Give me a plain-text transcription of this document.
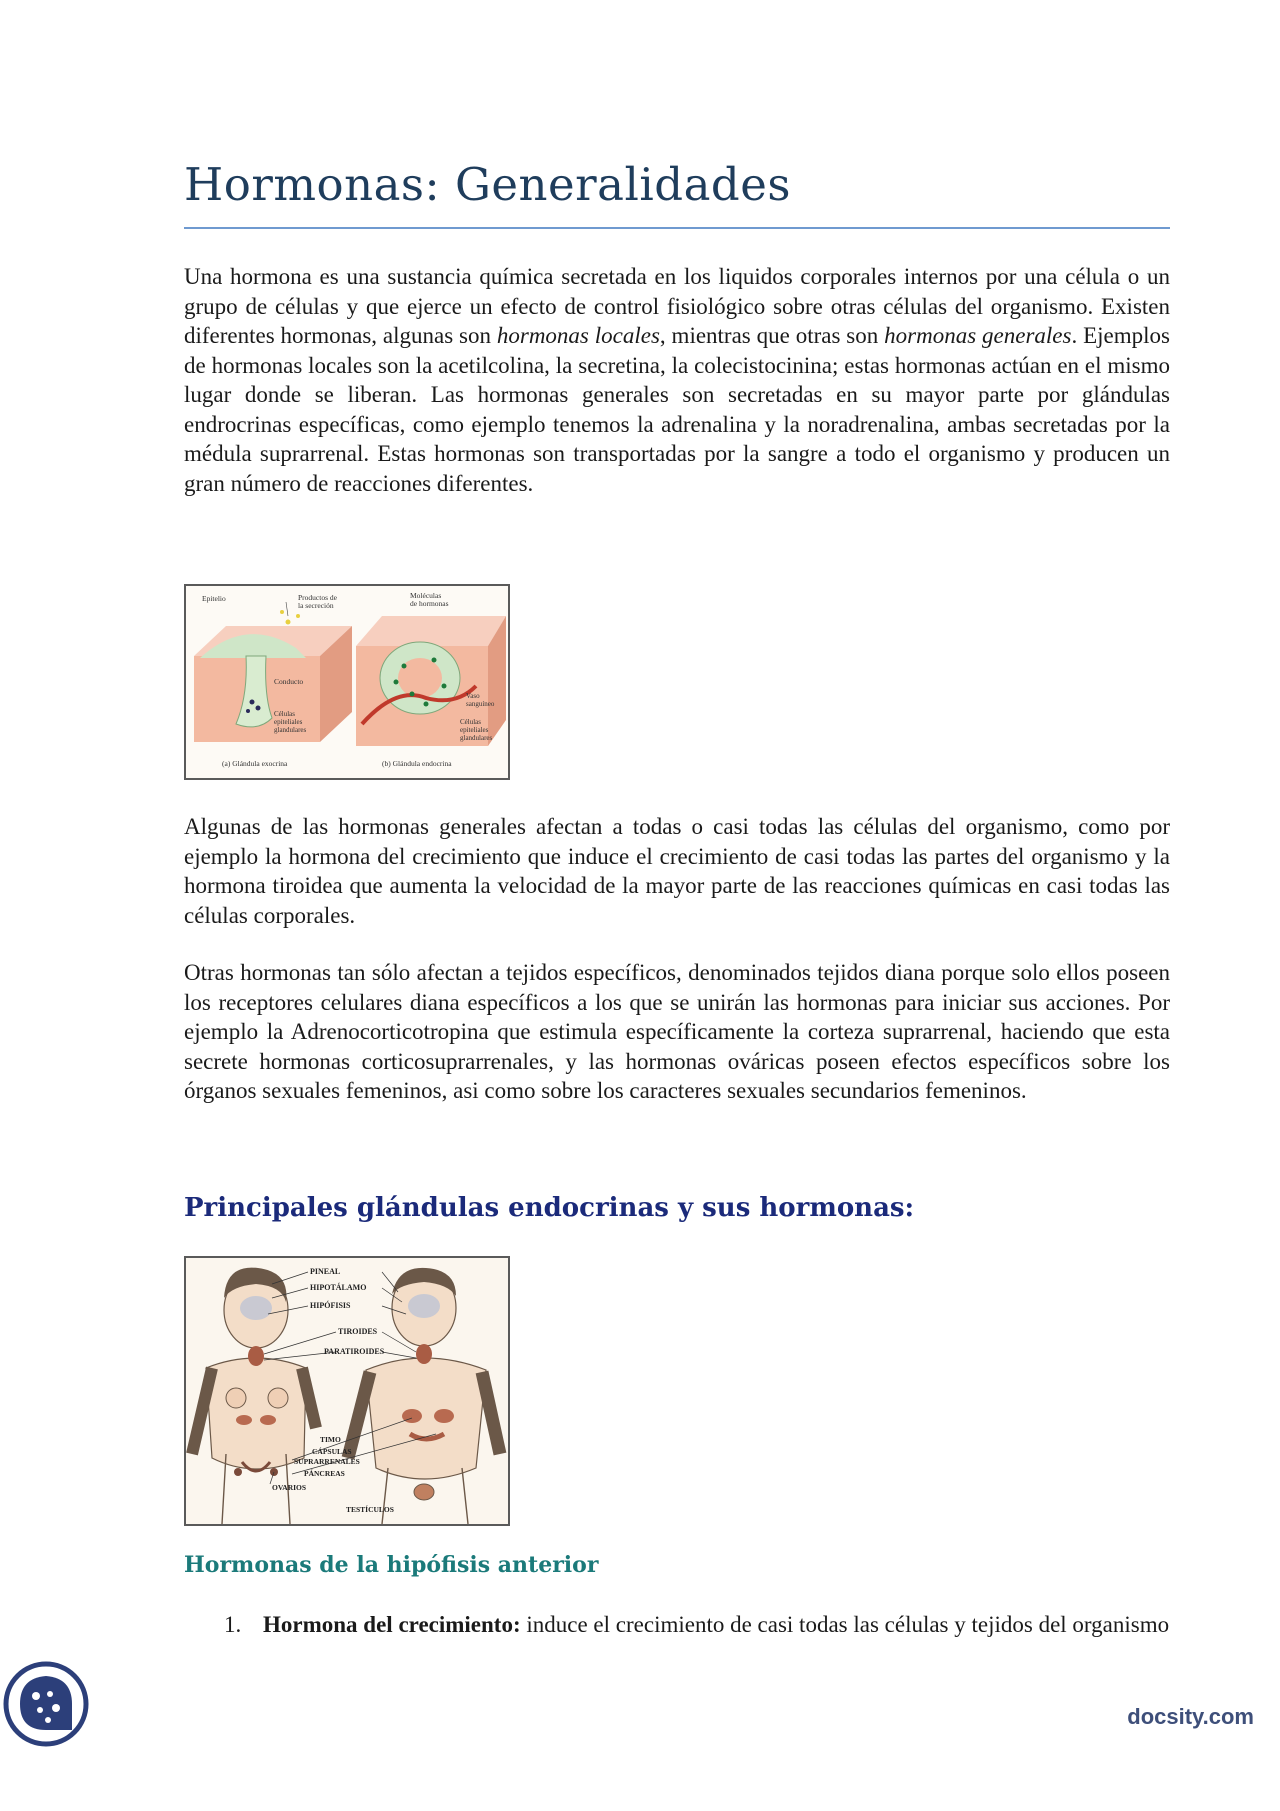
Hormonas: Generalidades

Una hormona es una sustancia química secretada en los liquidos corporales internos por una célula o un grupo de células y que ejerce un efecto de control fisiológico sobre otras células del organismo. Existen diferentes hormonas, algunas son hormonas locales, mientras que otras son hormonas generales. Ejemplos de hormonas locales son la acetilcolina, la secretina, la colecistocinina; estas hormonas actúan en el mismo lugar donde se liberan. Las hormonas generales son secretadas en su mayor parte por glándulas endrocrinas específicas, como ejemplo tenemos la adrenalina y la noradrenalina, ambas secretadas por la médula suprarrenal. Estas hormonas son transportadas por la sangre a todo el organismo y producen un gran número de reacciones diferentes.

Epitelio	Productos de
la secreción
Moléculas
de hormonas
Conducto
Células
epiteliales
glandulares
Vaso
sanguíneo
Células
epiteliales
glandulares
(a) Glándula exocrina	(b) Glándula endocrina

Algunas de las hormonas generales afectan a todas o casi todas las células del organismo, como por ejemplo la hormona del crecimiento que induce el crecimiento de casi todas las partes del organismo y la hormona tiroidea que aumenta la velocidad de la mayor parte de las reacciones químicas en casi todas las células corporales.

Otras hormonas tan sólo afectan a tejidos específicos, denominados tejidos diana porque solo ellos poseen los receptores celulares diana específicos a los que se unirán las hormonas para iniciar sus acciones. Por ejemplo la Adrenocorticotropina que estimula específicamente la corteza suprarrenal, haciendo que esta secrete hormonas corticosuprarrenales, y las hormonas ováricas poseen efectos específicos sobre los órganos sexuales femeninos, asi como sobre los caracteres sexuales secundarios femeninos.

Principales glándulas endocrinas y sus hormonas:
PINEAL
HIPOTÁLAMO
HIPÓFISIS
TIROIDES
PARATIROIDES
TIMO
CÁPSULAS
SUPRARRENALES
PÁNCREAS
OVARIOS
TESTÍCULOS
Hormonas de la hipófisis anterior
1. Hormona del crecimiento: induce el crecimiento de casi todas las células y tejidos del organismo
docsity.com
